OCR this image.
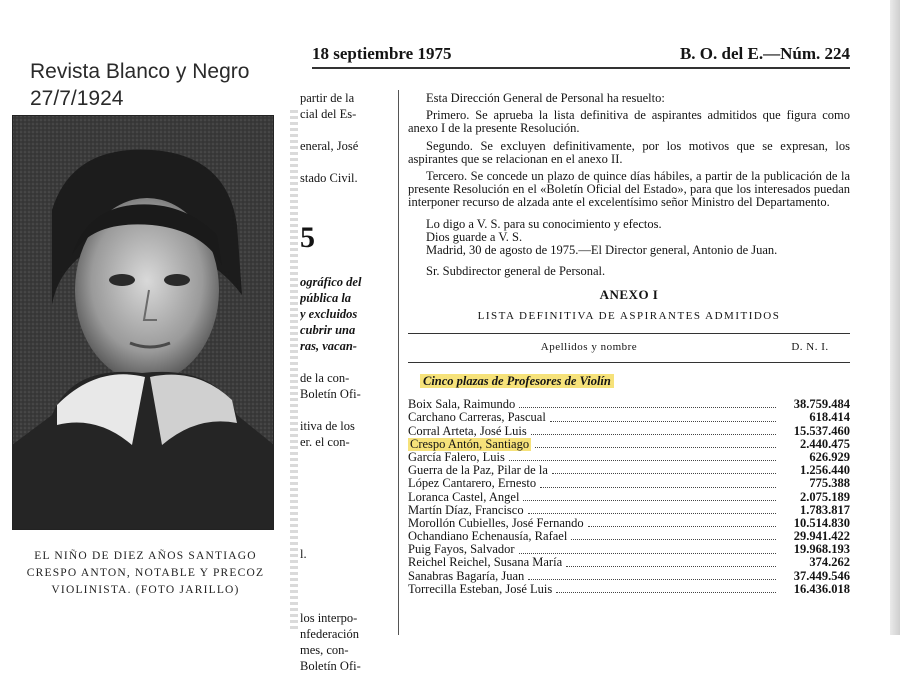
Revista Blanco y Negro
27/7/1924
EL NIÑO DE DIEZ AÑOS SANTIAGO
CRESPO ANTON, NOTABLE Y PRECOZ
VIOLINISTA. (FOTO JARILLO)
18 septiembre 1975	B. O. del E.—Núm. 224
partir de la
cial del Es-
eneral, José
stado Civil.
5
ográfico del
pública la
y excluidos
cubrir una
ras, vacan-
de la con-
Boletín Ofi-
itiva de los
er. el con-
l.
los interpo-
nfederación
mes, con-
Boletín Ofi-

Esta Dirección General de Personal ha resuelto:

Primero. Se aprueba la lista definitiva de aspirantes admitidos que figura como anexo I de la presente Resolución.

Segundo. Se excluyen definitivamente, por los motivos que se expresan, los aspirantes que se relacionan en el anexo II.

Tercero. Se concede un plazo de quince días hábiles, a partir de la publicación de la presente Resolución en el «Boletín Oficial del Estado», para que los interesados puedan interponer recurso de alzada ante el excelentísimo señor Ministro del Departamento.

Lo digo a V. S. para su conocimiento y efectos.

Dios guarde a V. S.

Madrid, 30 de agosto de 1975.—El Director general, Antonio de Juan.

Sr. Subdirector general de Personal.

ANEXO I
LISTA DEFINITIVA DE ASPIRANTES ADMITIDOS
Apellidos y nombre	D. N. I.
Cinco plazas de Profesores de Violín
Boix Sala, Raimundo	38.759.484
Carchano Carreras, Pascual	618.414
Corral Arteta, José Luis	15.537.460
Crespo Antón, Santiago	2.440.475
García Falero, Luis	626.929
Guerra de la Paz, Pilar de la	1.256.440
López Cantarero, Ernesto	775.388
Loranca Castel, Angel	2.075.189
Martín Díaz, Francisco	1.783.817
Morollón Cubielles, José Fernando	10.514.830
Ochandiano Echenausía, Rafael	29.941.422
Puig Fayos, Salvador	19.968.193
Reichel Reichel, Susana María	374.262
Sanabras Bagaría, Juan	37.449.546
Torrecilla Esteban, José Luis	16.436.018
